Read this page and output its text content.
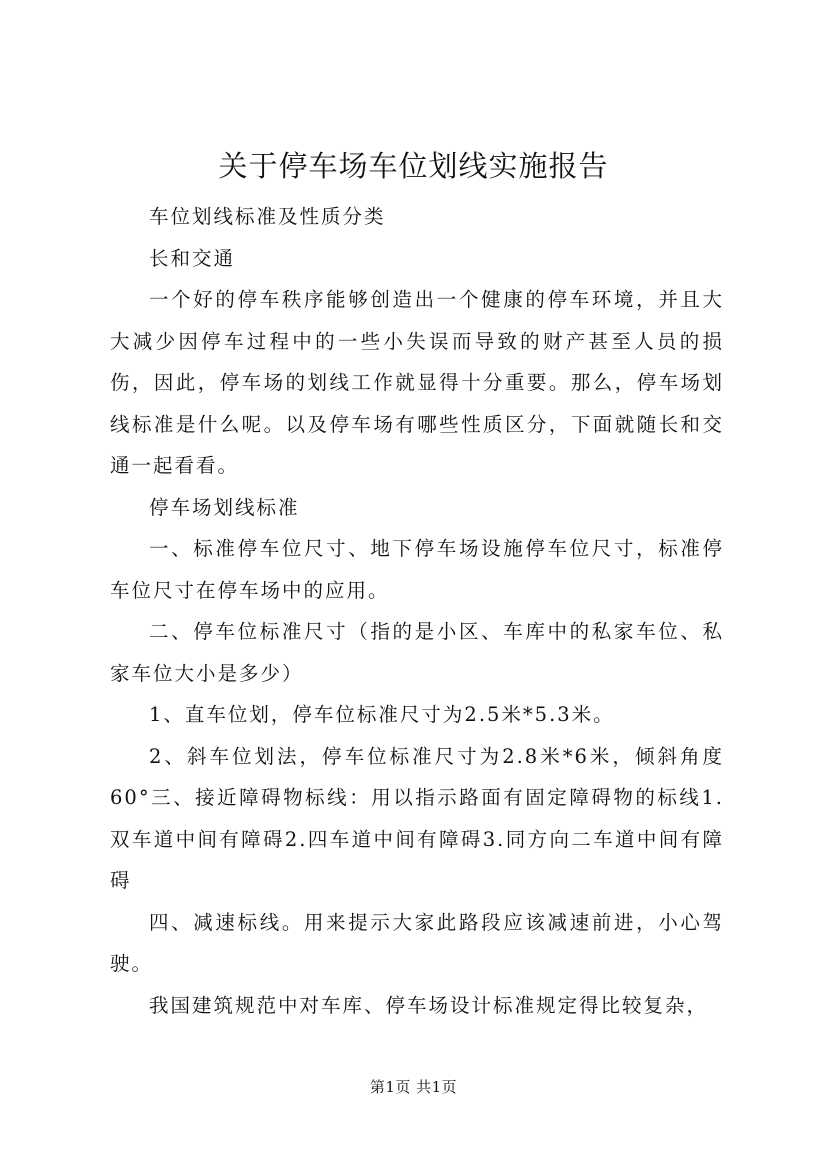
关于停车场车位划线实施报告

车位划线标准及性质分类

长和交通

一个好的停车秩序能够创造出一个健康的停车环境，并且大大减少因停车过程中的一些小失误而导致的财产甚至人员的损伤，因此，停车场的划线工作就显得十分重要。那么，停车场划线标准是什么呢。以及停车场有哪些性质区分，下面就随长和交通一起看看。

停车场划线标准

一、标准停车位尺寸、地下停车场设施停车位尺寸，标准停车位尺寸在停车场中的应用。

二、停车位标准尺寸（指的是小区、车库中的私家车位、私家车位大小是多少）

1、直车位划，停车位标准尺寸为2.5米*5.3米。

2、斜车位划法，停车位标准尺寸为2.8米*6米，倾斜角度60°三、接近障碍物标线：用以指示路面有固定障碍物的标线1.双车道中间有障碍2.四车道中间有障碍3.同方向二车道中间有障碍

四、减速标线。用来提示大家此路段应该减速前进，小心驾驶。

我国建筑规范中对车库、停车场设计标准规定得比较复杂，

第1页 共1页
